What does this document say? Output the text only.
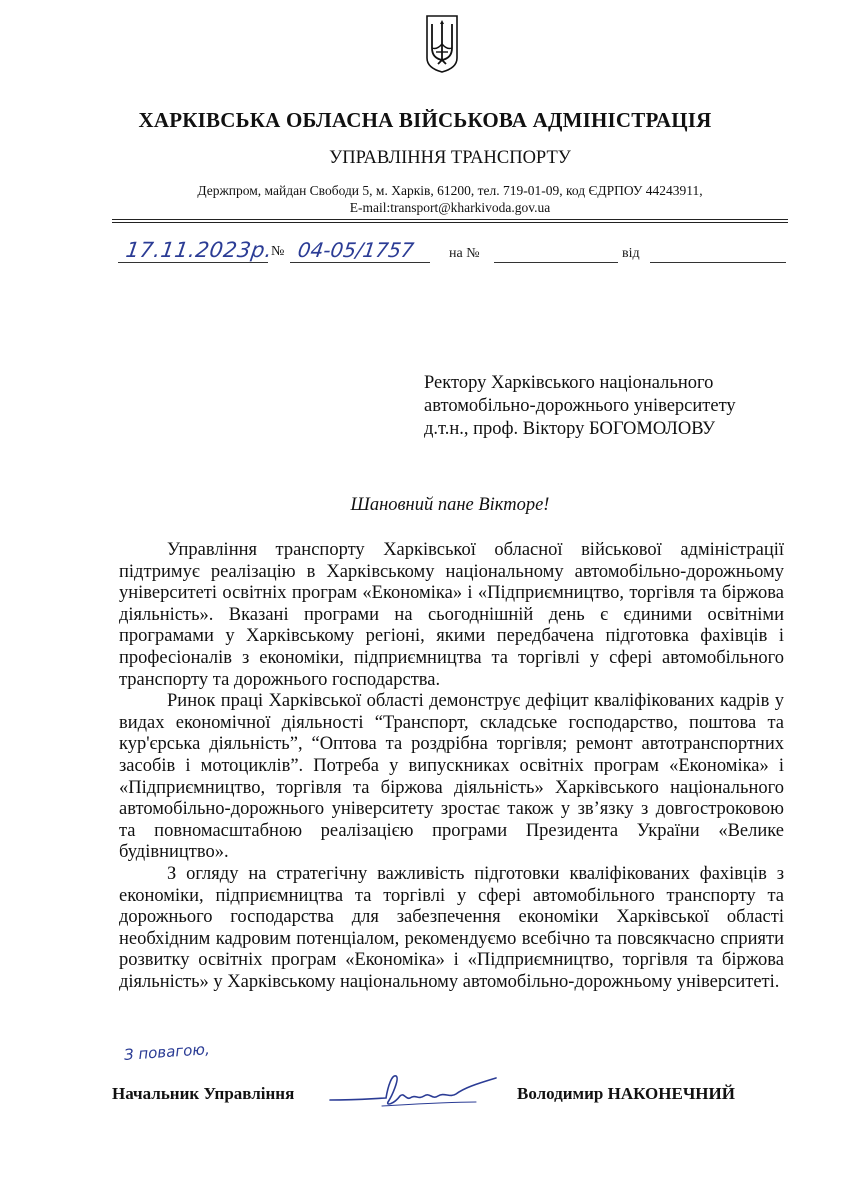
ХАРКІВСЬКА ОБЛАСНА ВІЙСЬКОВА АДМІНІСТРАЦІЯ
УПРАВЛІННЯ ТРАНСПОРТУ
Держпром, майдан Свободи 5, м. Харків, 61200, тел. 719-01-09, код ЄДРПОУ 44243911,
E-mail:transport@kharkivoda.gov.ua
17.11.2023р.
№ 04-05/1757 на №	від
Ректору Харківського національного
автомобільно-дорожнього університету
д.т.н., проф. Віктору БОГОМОЛОВУ
Шановний пане Вікторе!

Управління транспорту Харківської обласної військової адміністрації підтримує реалізацію в Харківському національному автомобільно-дорожньому університеті освітніх програм «Економіка» і «Підприємництво, торгівля та біржова діяльність». Вказані програми на сьогоднішній день є єдиними освітніми програмами у Харківському регіоні, якими передбачена підготовка фахівців і професіоналів з економіки, підприємництва та торгівлі у сфері автомобільного транспорту та дорожнього господарства.

Ринок праці Харківської області демонструє дефіцит кваліфікованих кадрів у видах економічної діяльності “Транспорт, складське господарство, поштова та кур'єрська діяльність”, “Оптова та роздрібна торгівля; ремонт автотранспортних засобів і мотоциклів”. Потреба у випускниках освітніх програм «Економіка» і «Підприємництво, торгівля та біржова діяльність» Харківського національного автомобільно-дорожнього університету зростає також у зв’язку з довгостроковою та повномасштабною реалізацією програми Президента України «Велике будівництво».

З огляду на стратегічну важливість підготовки кваліфікованих фахівців з економіки, підприємництва та торгівлі у сфері автомобільного транспорту та дорожнього господарства для забезпечення економіки Харківської області необхідним кадровим потенціалом, рекомендуємо всебічно та повсякчасно сприяти розвитку освітніх програм «Економіка» і «Підприємництво, торгівля та біржова діяльність» у Харківському національному автомобільно-дорожньому університеті.

З повагою,
Начальник Управління	Володимир НАКОНЕЧНИЙ
